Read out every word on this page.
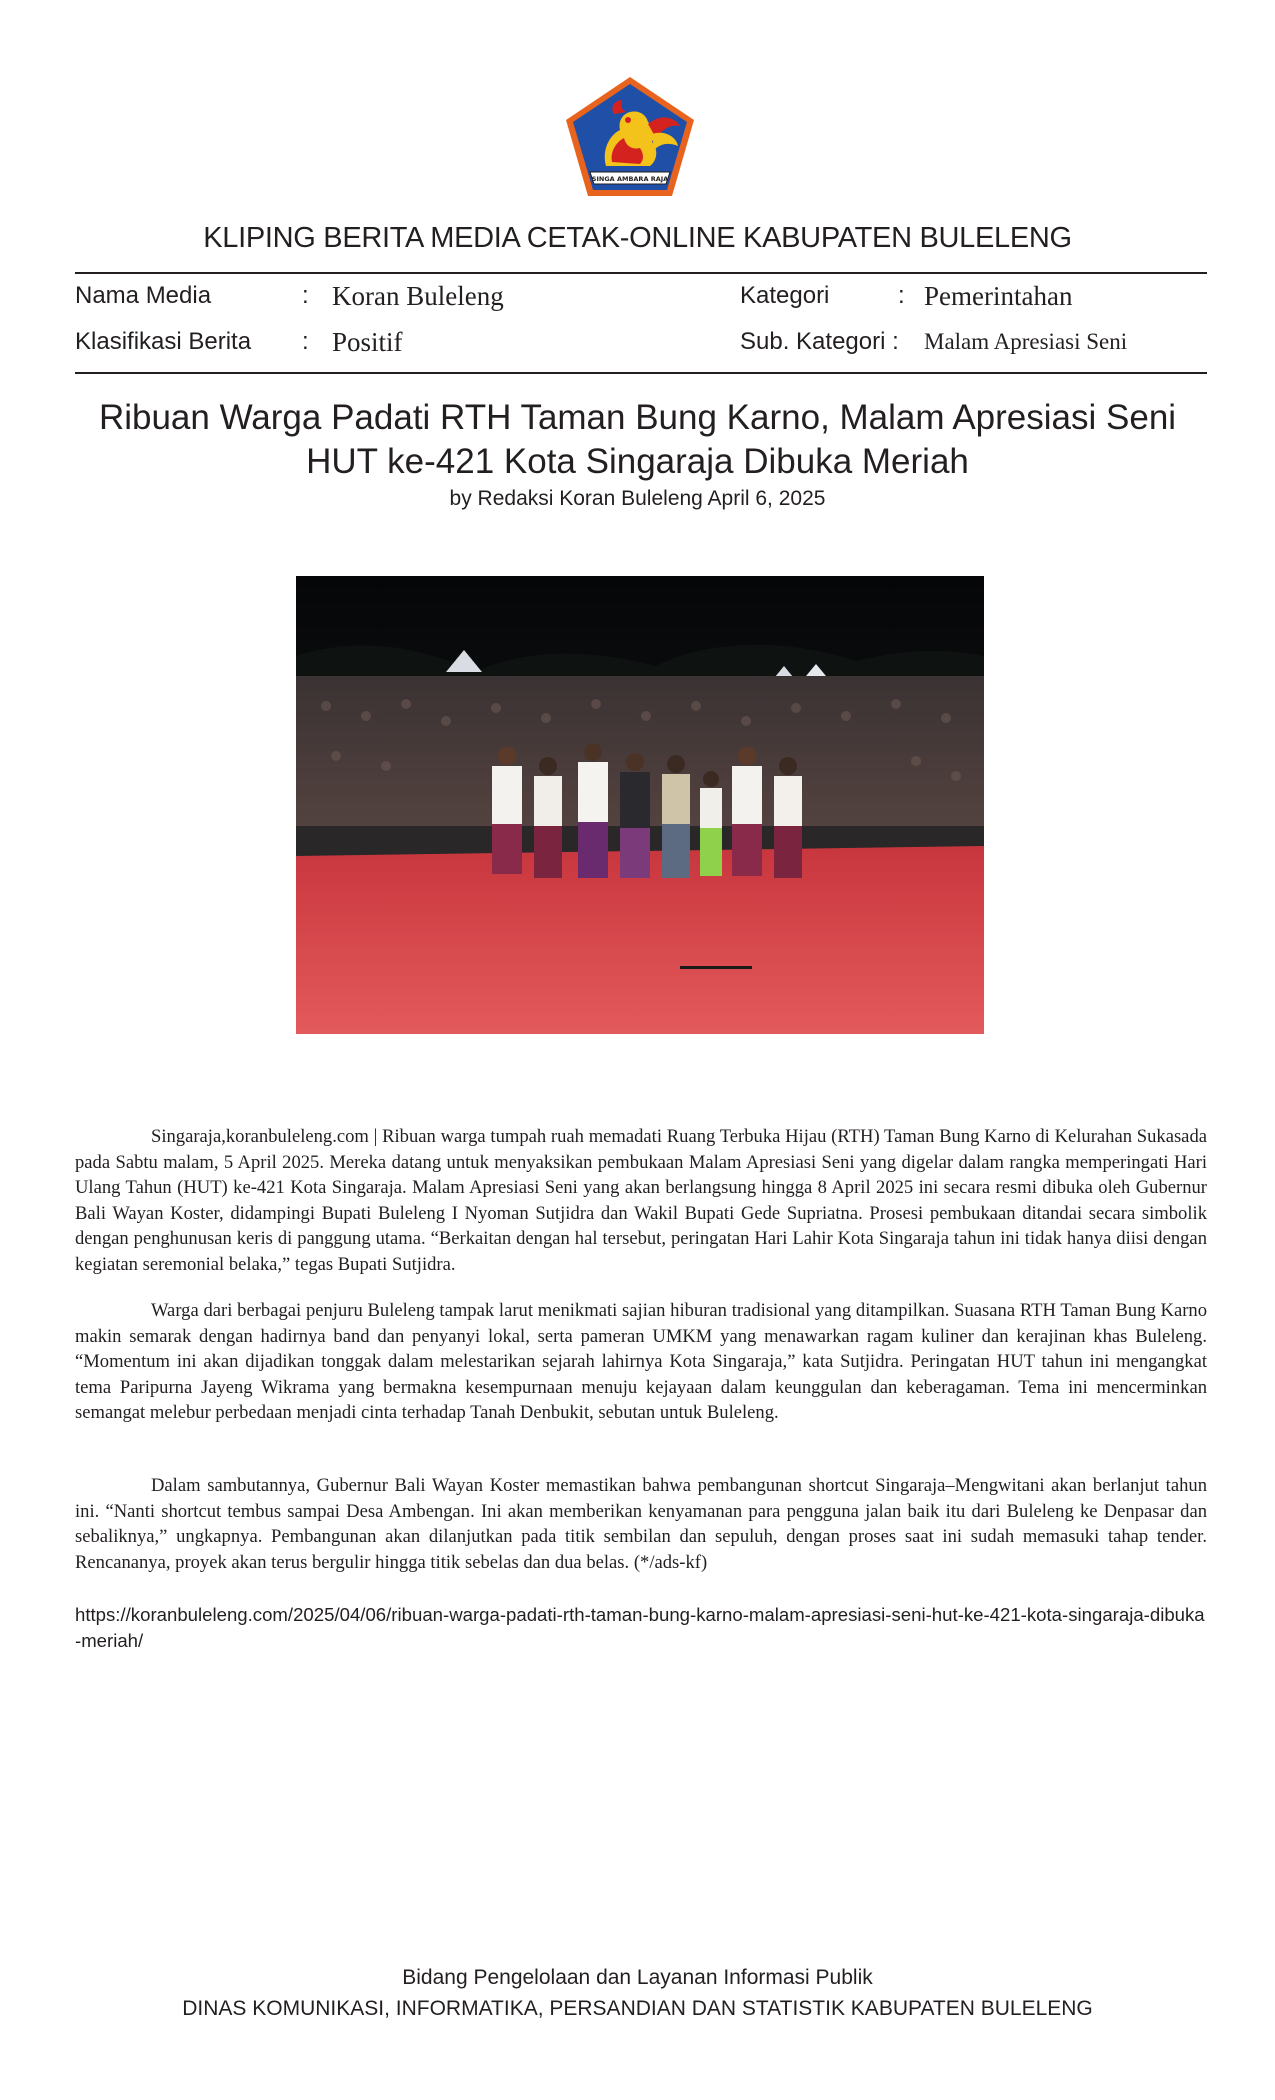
SINGA AMBARA RAJA
KLIPING BERITA MEDIA CETAK-ONLINE KABUPATEN BULELENG
Nama Media	: Koran Buleleng	Kategori	: Pemerintahan
Klasifikasi Berita : Positif	Sub. Kategori : Malam Apresiasi Seni
Ribuan Warga Padati RTH Taman Bung Karno, Malam Apresiasi Seni
HUT ke-421 Kota Singaraja Dibuka Meriah
by Redaksi Koran Buleleng April 6, 2025

Singaraja,koranbuleleng.com | Ribuan warga tumpah ruah memadati Ruang Terbuka Hijau (RTH) Taman Bung Karno di Kelurahan Sukasada pada Sabtu malam, 5 April 2025. Mereka datang untuk menyaksikan pembukaan Malam Apresiasi Seni yang digelar dalam rangka memperingati Hari Ulang Tahun (HUT) ke-421 Kota Singaraja. Malam Apresiasi Seni yang akan berlangsung hingga 8 April 2025 ini secara resmi dibuka oleh Gubernur Bali Wayan Koster, didampingi Bupati Buleleng I Nyoman Sutjidra dan Wakil Bupati Gede Supriatna. Prosesi pembukaan ditandai secara simbolik dengan penghunusan keris di panggung utama. “Berkaitan dengan hal tersebut, peringatan Hari Lahir Kota Singaraja tahun ini tidak hanya diisi dengan kegiatan seremonial belaka,” tegas Bupati Sutjidra.

Warga dari berbagai penjuru Buleleng tampak larut menikmati sajian hiburan tradisional yang ditampilkan. Suasana RTH Taman Bung Karno makin semarak dengan hadirnya band dan penyanyi lokal, serta pameran UMKM yang menawarkan ragam kuliner dan kerajinan khas Buleleng. “Momentum ini akan dijadikan tonggak dalam melestarikan sejarah lahirnya Kota Singaraja,” kata Sutjidra. Peringatan HUT tahun ini mengangkat tema Paripurna Jayeng Wikrama yang bermakna kesempurnaan menuju kejayaan dalam keunggulan dan keberagaman. Tema ini mencerminkan semangat melebur perbedaan menjadi cinta terhadap Tanah Denbukit, sebutan untuk Buleleng.

Dalam sambutannya, Gubernur Bali Wayan Koster memastikan bahwa pembangunan shortcut Singaraja–Mengwitani akan berlanjut tahun ini. “Nanti shortcut tembus sampai Desa Ambengan. Ini akan memberikan kenyamanan para pengguna jalan baik itu dari Buleleng ke Denpasar dan sebaliknya,” ungkapnya. Pembangunan akan dilanjutkan pada titik sembilan dan sepuluh, dengan proses saat ini sudah memasuki tahap tender. Rencananya, proyek akan terus bergulir hingga titik sebelas dan dua belas. (*/ads-kf)

https://koranbuleleng.com/2025/04/06/ribuan-warga-padati-rth-taman-bung-karno-malam-apresiasi-seni-hut-ke-421-kota-singaraja-dibuka-meriah/
Bidang Pengelolaan dan Layanan Informasi Publik
DINAS KOMUNIKASI, INFORMATIKA, PERSANDIAN DAN STATISTIK KABUPATEN BULELENG
